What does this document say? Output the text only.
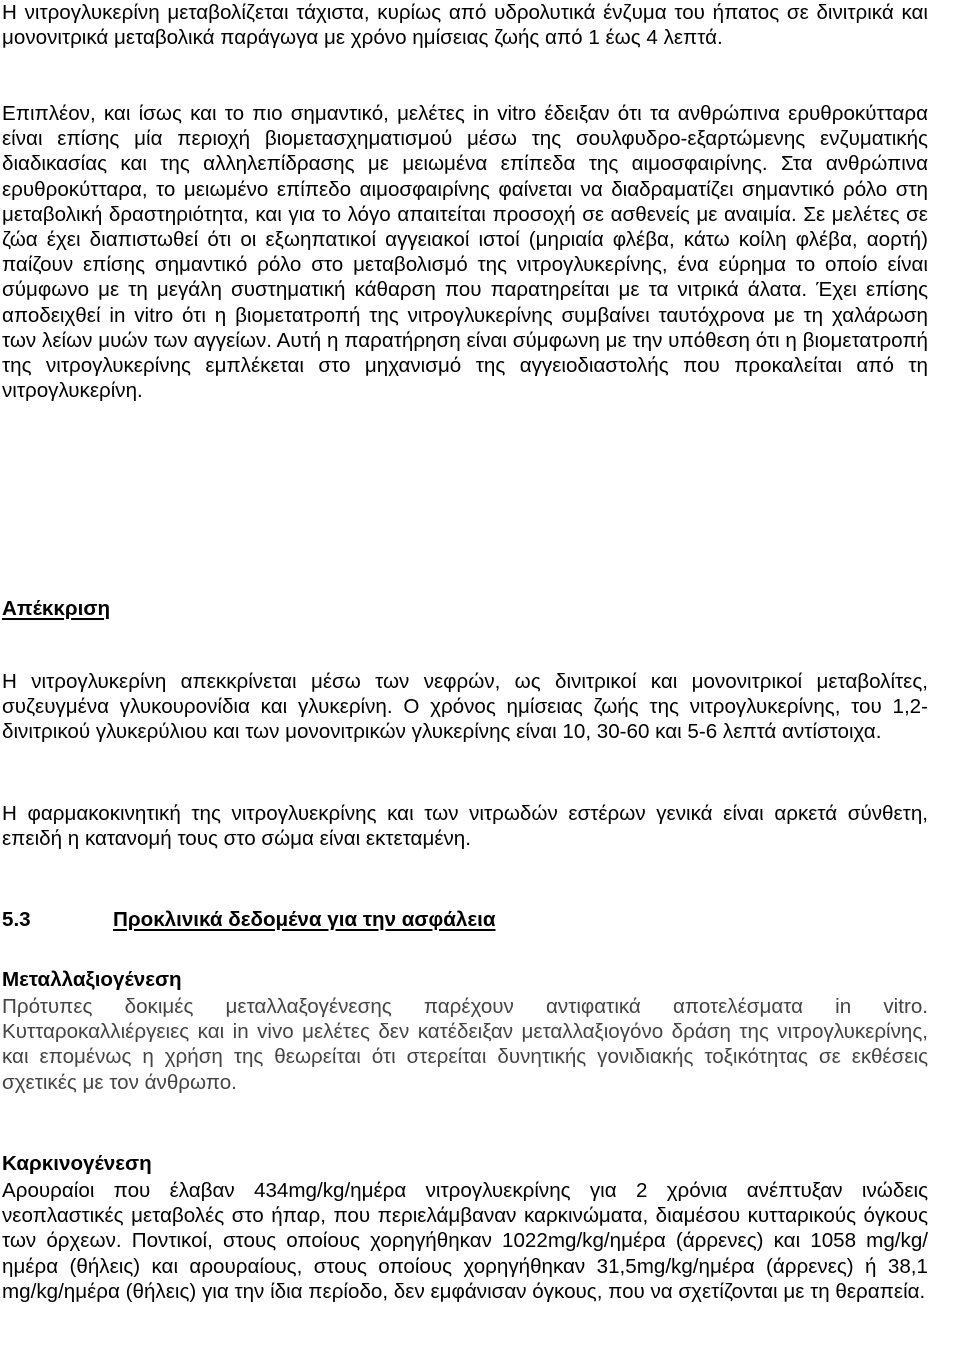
Η νιτρογλυκερίνη μεταβολίζεται τάχιστα, κυρίως από υδρολυτικά ένζυμα του ήπατος σε δινιτρικά και μονονιτρικά μεταβολικά παράγωγα με χρόνο ημίσειας ζωής από 1 έως 4 λεπτά.

Επιπλέον, και ίσως και το πιο σημαντικό, μελέτες in vitro έδειξαν ότι τα ανθρώπινα ερυθροκύτταρα είναι επίσης μία περιοχή βιομετασχηματισμού μέσω της σουλφυδρο-εξαρτώμενης ενζυματικής διαδικασίας και της αλληλεπίδρασης με μειωμένα επίπεδα της αιμοσφαιρίνης. Στα ανθρώπινα ερυθροκύτταρα, το μειωμένο επίπεδο αιμοσφαιρίνης φαίνεται να διαδραματίζει σημαντικό ρόλο στη μεταβολική δραστηριότητα, και για το λόγο απαιτείται προσοχή σε ασθενείς με αναιμία. Σε μελέτες σε ζώα έχει διαπιστωθεί ότι οι εξωηπατικοί αγγειακοί ιστοί (μηριαία φλέβα, κάτω κοίλη φλέβα, αορτή) παίζουν επίσης σημαντικό ρόλο στο μεταβολισμό της νιτρογλυκερίνης, ένα εύρημα το οποίο είναι σύμφωνο με τη μεγάλη συστηματική κάθαρση που παρατηρείται με τα νιτρικά άλατα. Έχει επίσης αποδειχθεί in vitro ότι η βιομετατροπή της νιτρογλυκερίνης συμβαίνει ταυτόχρονα με τη χαλάρωση των λείων μυών των αγγείων. Αυτή η παρατήρηση είναι σύμφωνη με την υπόθεση ότι η βιομετατροπή της νιτρογλυκερίνης εμπλέκεται στο μηχανισμό της αγγειοδιαστολής που προκαλείται από τη νιτρογλυκερίνη.

Απέκκριση

Η νιτρογλυκερίνη απεκκρίνεται μέσω των νεφρών, ως δινιτρικοί και μονονιτρικοί μεταβολίτες, συζευγμένα γλυκουρονίδια και γλυκερίνη. Ο χρόνος ημίσειας ζωής της νιτρογλυκερίνης, του 1,2-δινιτρικού γλυκερύλιου και των μονονιτρικών γλυκερίνης είναι 10, 30-60 και 5-6 λεπτά αντίστοιχα.

Η φαρμακοκινητική της νιτρογλυεκρίνης και των νιτρωδών εστέρων γενικά είναι αρκετά σύνθετη, επειδή η κατανομή τους στο σώμα είναι εκτεταμένη.

5.3	Προκλινικά δεδομένα για την ασφάλεια
Μεταλλαξιογένεση

Πρότυπες δοκιμές μεταλλαξογένεσης παρέχουν αντιφατικά αποτελέσματα in vitro. Κυτταροκαλλιέργειες και in vivo μελέτες δεν κατέδειξαν μεταλλαξιογόνο δράση της νιτρογλυκερίνης, και επομένως η χρήση της θεωρείται ότι στερείται δυνητικής γονιδιακής τοξικότητας σε εκθέσεις σχετικές με τον άνθρωπο.

Καρκινογένεση

Αρουραίοι που έλαβαν 434mg/kg/ημέρα νιτρογλυεκρίνης για 2 χρόνια ανέπτυξαν ινώδεις νεοπλαστικές μεταβολές στο ήπαρ, που περιελάμβαναν καρκινώματα, διαμέσου κυτταρικούς όγκους των όρχεων. Ποντικοί, στους οποίους χορηγήθηκαν 1022mg/kg/ημέρα (άρρενες) και 1058 mg/kg/ημέρα (θήλεις) και αρουραίους, στους οποίους χορηγήθηκαν 31,5mg/kg/ημέρα (άρρενες) ή 38,1 mg/kg/ημέρα (θήλεις) για την ίδια περίοδο, δεν εμφάνισαν όγκους, που να σχετίζονται με τη θεραπεία.
